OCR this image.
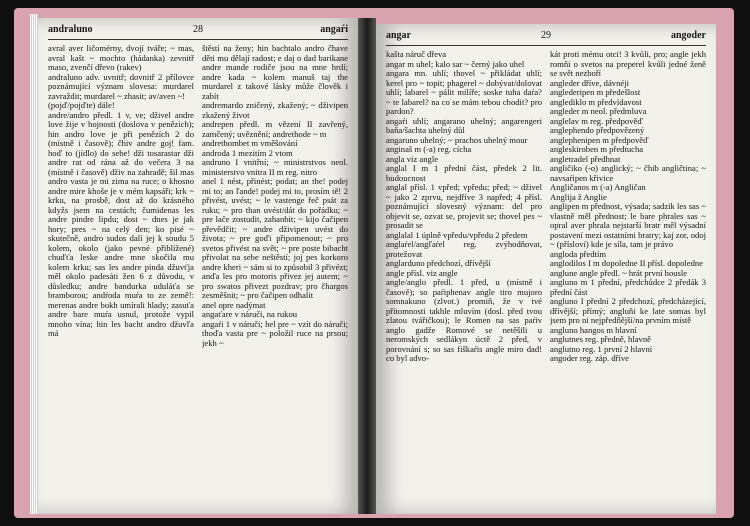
andraluno	28	angaŕi

avral aver ličomérny, dvojí tváře; ~ mas, avral kašt ~ mochto (hádanka) zevnitř maso, zvenčí dřevo (rakev)

andraluno adv. uvnitř; dovnitř 2 přílovce poznámující význam slovesa: murdarel zavraždit; murdarel ~ zhasit; av/aven ~!

(pojď/pojďte) dále!

andre/andro předl. 1 v, ve; dživel andre love žije v hojnosti (doslova v penězích); hin andro love je při penězích 2 do (místně i časově); čhiv andre goj! fam. hoď to (jídlo) do sebe! dži tosarastar dži andre rat od rána až do večera 3 na (místně i časově) dživ na zahradě; šil mas andro vasta je mi zima na ruce; o khosno andre mire khoše je v mém kapsáři; krk ~ krku, na prosbě, dost až do krásného kdyžs jsem na cestách; čumidenas les andre pindre lipdu; dost ~ dnes je jak hory; pres ~ na celý den; ko pisé ~ skutečně, andro sudos dalí jej k soudu 5 kolem, okolo (jako pevné přiblížené) chuďťa leske andre mne skočila mu kolem krku; sas les andre pinda džuvťja měl okolo padesáti žen 6 z důvodu, v důsledku; andre bandurka uduláťa se bramborou; andŕoda muŕa to ze země!: merenas andre bokh umírali hlady; zasuťa andre bare muŕa usnul, protože vypil mnoho vína; hin les bacht andro džuvľa má

štěstí na ženy; hin bachtalo andro čhave děti mu dělají radost; e daj o dad barikane andre mande rodiče jsou na mne hrdí; andre kada ~ kolem manuš taj the murdarel z takové lásky může člověk i zabít

andremardo zničený, zkažený; ~ dživipen zkažený život

andrepen předl. m vězení II zavřený, zamčený; uvěznění; andrethode ~ m

andrethombet m vměšování

androda 1 mezitím 2 vtom

andruno I vnitřní; ~ ministrstvos neol. ministerstvo vnitra II m reg. nitro

anel 1 nést, přinést; podat; an the! podej mi to; an ľande! podej mi to, prosím tě! 2 přivést, uvést; ~ le vastenge řeč psát za ruku; ~ pro than uvést/dát do pořádku; ~ pre lače zostudit, zahanbit; ~ kijo čačipen převědčit; ~ andre dživipen uvést do života; ~ pre goďi připomenout; ~ pro svetos přivést na svět; ~ pre poste bibacht přivolat na sebe neštěstí; joj pes korkoro andre kheri ~ sám si to způsobil 3 přivézt; anďa les pro motoris přivez jej autem; ~ pro swatos přivezt pozdrav; pro čhargos zesměšnit; ~ pro čačipen odhalit

anel opre nadýmat

angaťare v náruči, na rukou

angaŕi 1 v náruči; hel pre ~ vzít do náruči; thoďa vasta pre ~ položil ruce na prsou; jekh ~

angar	29	angoder

kašta náruč dřeva

angar m uhel; kalo sar ~ černý jako uhel

angara mn. uhlí; thovel ~ přikládat uhlí; kerel pro ~ topit; phagerel ~ dobývat/dolovat uhlí; labarel ~ pálit milíře; soske tuha daŕa? ~ te labarel? na co se mám tebou chodit? pro pardon?

angaŕi uhlí; angarano uhelný; angarengeri baňa/šachta uhelný důl

angaruno uhelný; ~ prachos uhelný mour

anginaš m (-a) reg. cícha

angla viz angle

anglal I m 1 přední část, předek 2 lit. budoucnost

anglal přísl. 1 vpřed; vpředu; před; ~ dživel ~ jako 2 zprvu, nejdříve 3 napřed; 4 přísl. poznámující slovesný význam: del pro objevit se, ozvat se, projevit se; thovel pes ~ prosadit se

anglalal 1 úplně vpředu/vpředu 2 předem

anglaŕel/angľaŕel reg. zvýhodňovat, protežovat

anglarduno předchozí, dřívější

angle přísl. viz angle

angle/anglo předl. 1 před, u (místně i časově); so paŕiphenav angle tiro mujoro somnakuno (zlvot.) promiň, že v tvé přítomnosti takhle mluvím (dosl. před tvou zlatou tvářičkou); le Romen na sas paŕiv anglo gadže Romové se netěšili u neromských sedlákyn úctě 2 před, v porovnání s; so sas fiškaŕis angle miro dad! co byl advo-

kát proti mému otci! 3 kvůli, pro; angle jekh romňi o svetos na preperel kvůli jedné ženě se svět nezboří

angleder dříve, dávnéji

anglederipen m předešlost

anglediklo m předvídavost

angleder m neol. předmluva

anglelav m reg. předpověď

anglephendo předpovězený

anglephenipen m předpověď

angleskiroben m předtucha

angletradel předhnat

angličiko (-o) anglický; ~ čhib angličtina; ~ navsaŕipen křivice

Angličanos m (-a) Angličan

Anglija ž Anglie

anglipen m přednost, výsada; sadzik les sas ~ vlastně měl přednost; le bare phrales sas ~ opral aver phrala nejstarší bratr měl výsadní postavení mezi ostatními bratry; kaj zor, odoj ~ (přísloví) kde je síla, tam je právo

angloda předtím

anglodilos I m dopoledne II přísl. dopoledne

anglune angle předl. ~ hrát první housle

angluno m 1 přední, předchůdce 2 předák 3 přední část

angluno I přední 2 předchozí, předcházející, dřívější; přímý; angluňi ke late somas byl jsem pro ni nejpředňější/na prvním místě

angluno hangos m hlavní

anglutnes reg. předně, hlavně

anglutno reg. 1 první 2 hlavní

angoder reg. záp. dříve
